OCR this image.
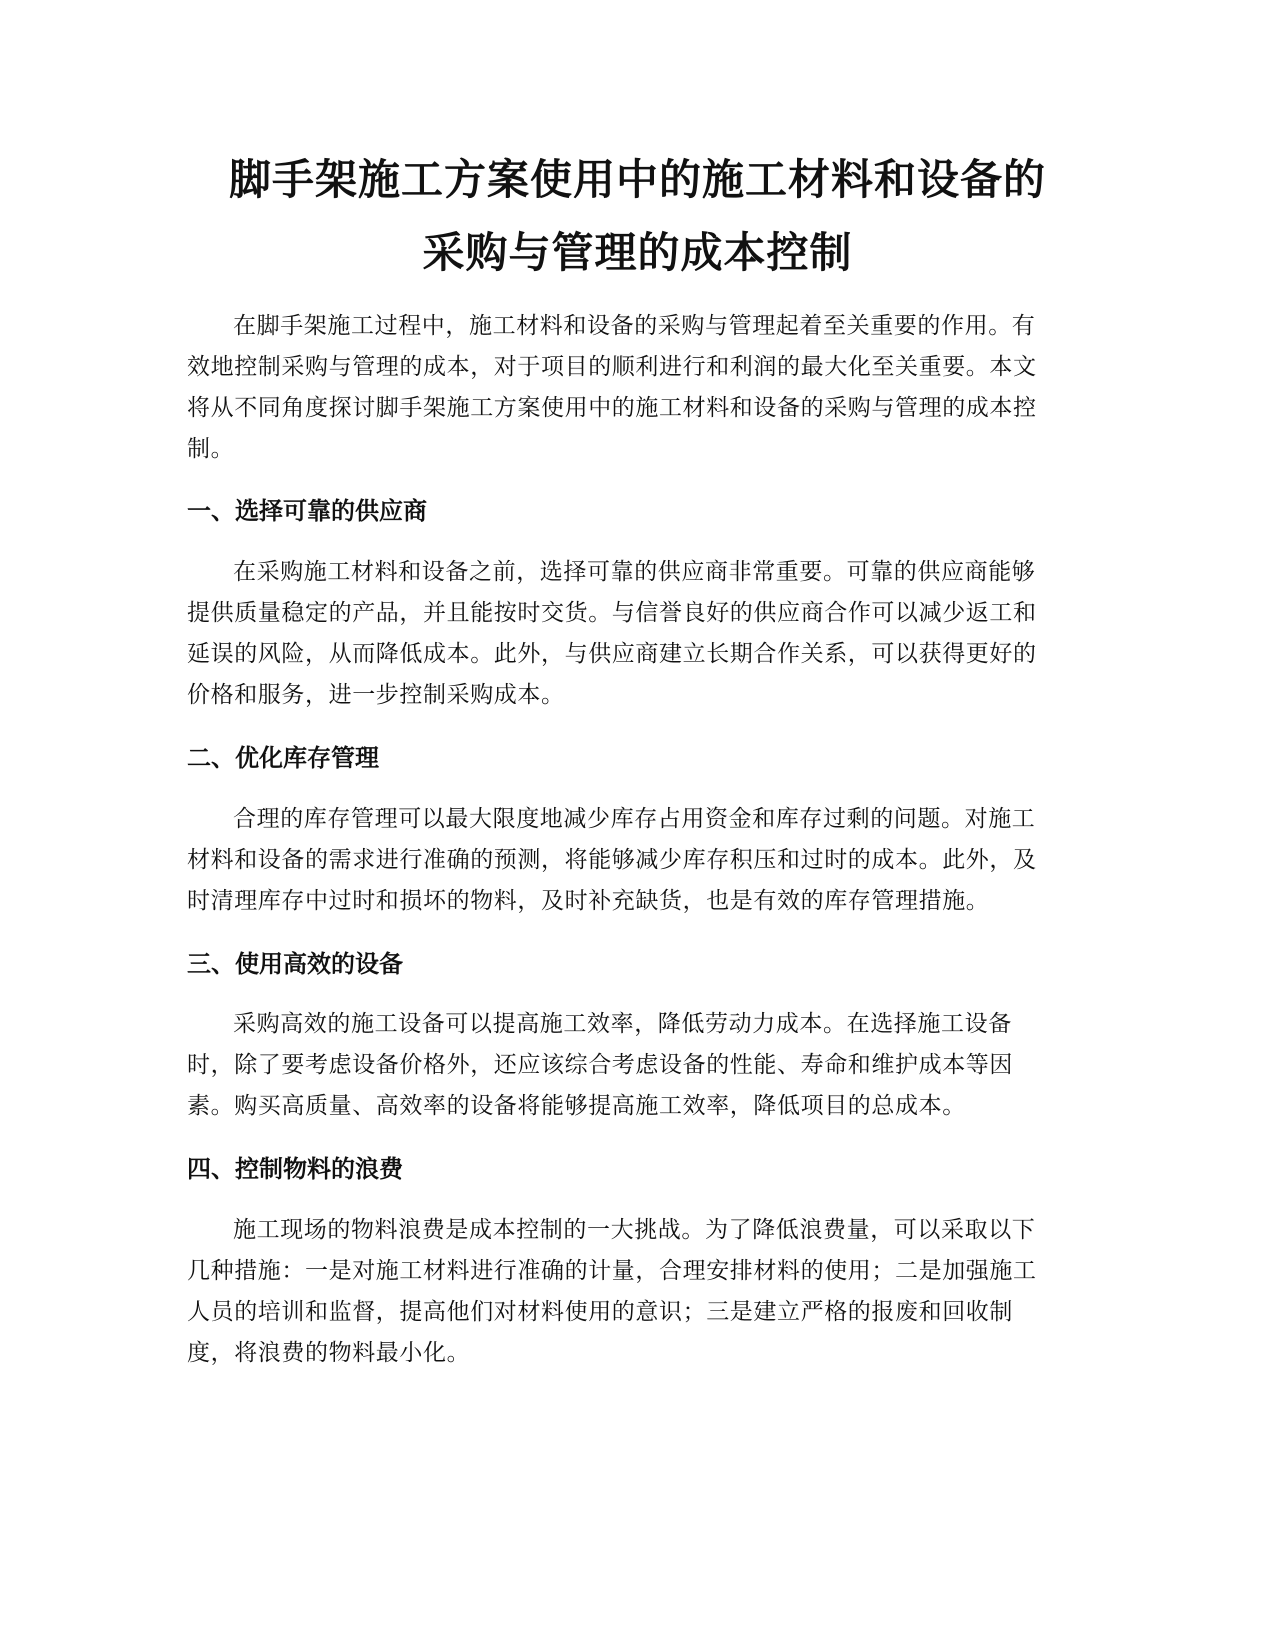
脚手架施工方案使用中的施工材料和设备的
采购与管理的成本控制
在脚手架施工过程中，施工材料和设备的采购与管理起着至关重要的作用。有
效地控制采购与管理的成本，对于项目的顺利进行和利润的最大化至关重要。本文
将从不同角度探讨脚手架施工方案使用中的施工材料和设备的采购与管理的成本控
制。
一、选择可靠的供应商
在采购施工材料和设备之前，选择可靠的供应商非常重要。可靠的供应商能够
提供质量稳定的产品，并且能按时交货。与信誉良好的供应商合作可以减少返工和
延误的风险，从而降低成本。此外，与供应商建立长期合作关系，可以获得更好的
价格和服务，进一步控制采购成本。
二、优化库存管理
合理的库存管理可以最大限度地减少库存占用资金和库存过剩的问题。对施工
材料和设备的需求进行准确的预测，将能够减少库存积压和过时的成本。此外，及
时清理库存中过时和损坏的物料，及时补充缺货，也是有效的库存管理措施。
三、使用高效的设备
采购高效的施工设备可以提高施工效率，降低劳动力成本。在选择施工设备
时，除了要考虑设备价格外，还应该综合考虑设备的性能、寿命和维护成本等因
素。购买高质量、高效率的设备将能够提高施工效率，降低项目的总成本。
四、控制物料的浪费
施工现场的物料浪费是成本控制的一大挑战。为了降低浪费量，可以采取以下
几种措施：一是对施工材料进行准确的计量，合理安排材料的使用；二是加强施工
人员的培训和监督，提高他们对材料使用的意识；三是建立严格的报废和回收制
度，将浪费的物料最小化。
